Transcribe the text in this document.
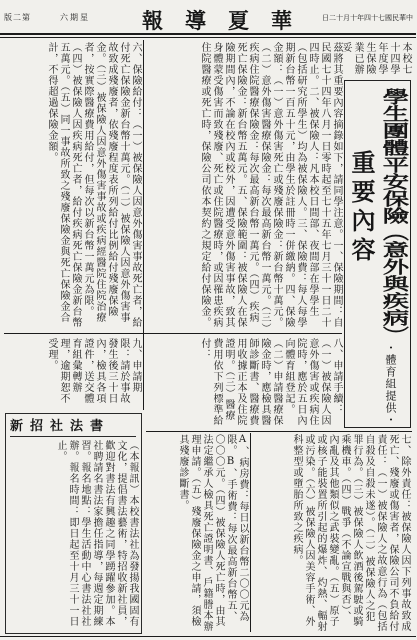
版二第	六期星 報導夏華 日二十月十年四十七國民華中
學生團體平安保險（意外與疾病）
重要內容
・體育組提供・
本校七十四學年度學生保險業已辦妥
茲將其重要內容摘錄如下，請同學注意。一、保險期間：自民國七十四年八月一日零時起至七十五年七月三十一日二十四時止。二、被保險人：凡本校日間部、夜間部在學學生（包括研究所學生）均為被保險人。三、保險費：每人每學期新台幣一百五十元，由學生於註冊時一併繳納。四、保險金額：（一）意外傷害死亡或殘廢保險金：新台幣十萬元。（二）意外傷害醫療保險金：每次最高新台幣一萬元。（三）疾病住院醫療保險金：每次最高新台幣一萬元。（四）疾病死亡保險金：新台幣五萬元。五、保險範圍：被保險人在保險期間內，不論在校內或校外，因遭受意外傷害事故，致其身體蒙受傷害而致殘廢、死亡或住院醫療時，或因罹患疾病住院醫療或死亡時，保險公司依本契約之規定給付保險金。
六、保險給付：（一）被保險人因意外傷害事故死亡者，給付死亡保險金新台幣十萬元。（二）被保險人因意外傷害事故致成殘廢者，依殘廢程度表所列給付比例給付殘廢保險金。（三）被保險人因意外傷害事故或疾病經醫院住院治療者，按實際醫療費用給付，但每次以新台幣一萬元為限。（四）被保險人因疾病死亡者，給付疾病死亡保險金新台幣五萬元。（五）同一事故所致之殘廢保險金與死亡保險金合計，不得超過保險金額。
七、除外責任：被保險人因下列事故致成死亡、殘廢或傷害者，保險公司不負給付責任：（一）被保險人之故意行為（包括自殺及自殺未遂）。（二）被保險人之犯罪行為。（三）被保險人飲酒後駕駛或騎乘機車。（四）戰爭（不論宣戰與否）、內亂及其他類似之武裝變亂。（五）原子或核子能裝置所引起的爆炸、灼熱、輻射或污染。（六）被保險人因美容手術、外科整型或墮胎所致之疾病。
八、申請手續：（一）被保險人因意外傷害或疾病住院時，應於五日內向體育組登記。（二）申請醫療保險金時，應檢具醫師診斷書、醫療費用收據正本及住院證明。（三）醫療費用依下列標準給付：
A、病房費：每日以新台幣二〇〇元為限。B、手術費：每次最高新台幣五、〇〇〇元。（四）被保險人死亡時，由其法定繼承人檢具死亡證明書、戶籍謄本辦理申請。（五）殘廢保險金之申請，須檢具殘廢診斷書。
九、申請期限：請於事故發生後三十日內，檢具各項證件，送交體育組彙轉辦理，逾期恕不受理。
新招社法書
（本報訊）本校書法社為發揚我國固有文化，提倡書法藝術，特招收新社員，歡迎對書法有興趣之同學踴躍參加。本社聘請名書法家擔任指導，每週定期練習。報名地點：學生活動中心書法社社辦。報名時間：即日起至十月三十一日止。
